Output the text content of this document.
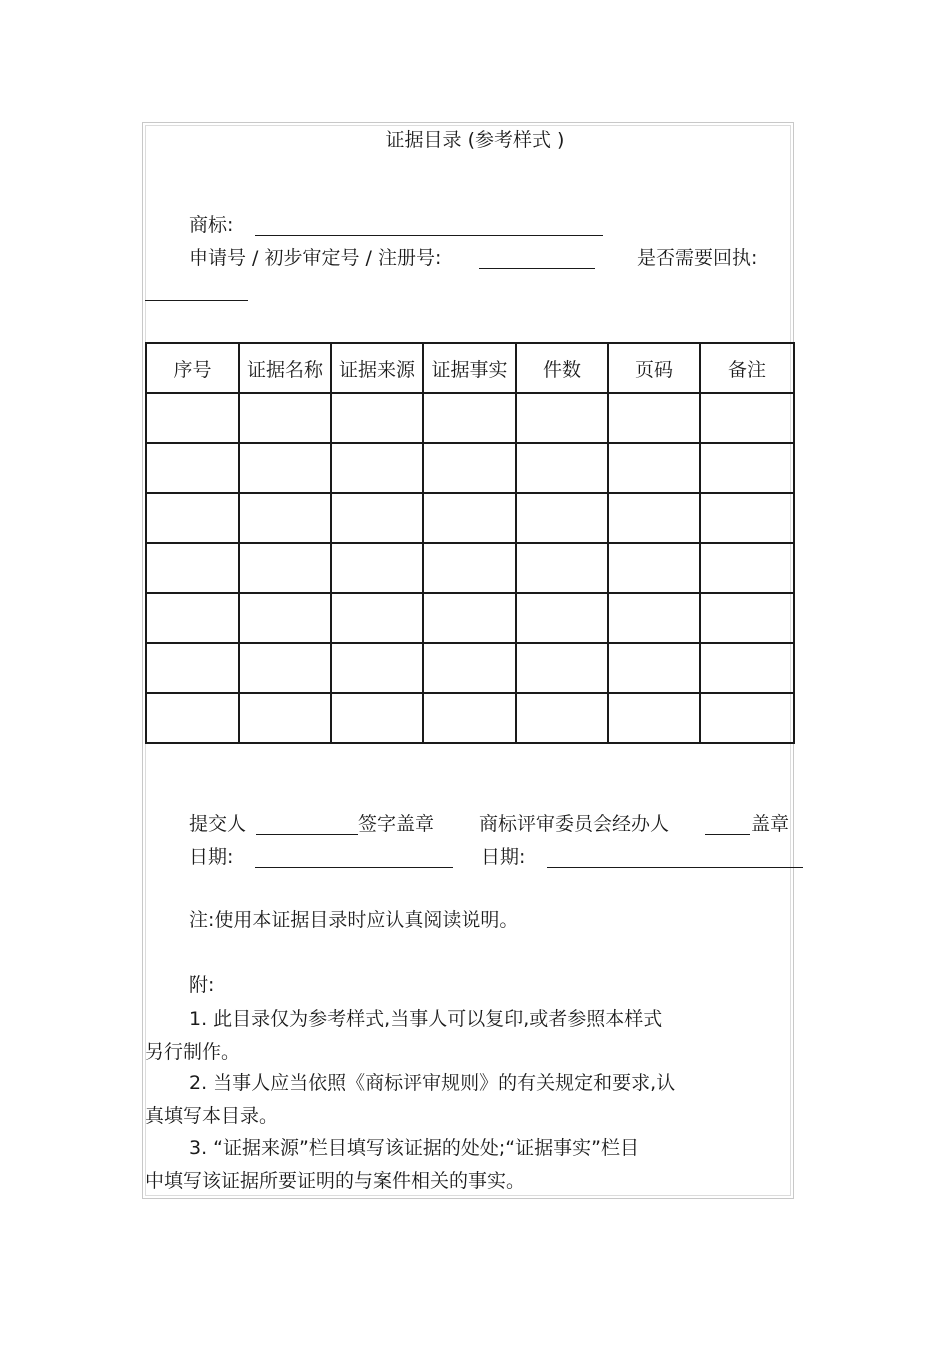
证据目录 (参考样式 )
商标:
申请号 / 初步审定号 / 注册号:	是否需要回执:
序号	证据名称	证据来源	证据事实	件数	页码	备注

提交人	签字盖章 商标评审委员会经办人	盖章
日期:	日期:
注:使用本证据目录时应认真阅读说明。
附:
1. 此目录仅为参考样式,当事人可以复印,或者参照本样式
另行制作。
2. 当事人应当依照《商标评审规则》的有关规定和要求,认
真填写本目录。
3. “证据来源”栏目填写该证据的处处;“证据事实”栏目
中填写该证据所要证明的与案件相关的事实。
